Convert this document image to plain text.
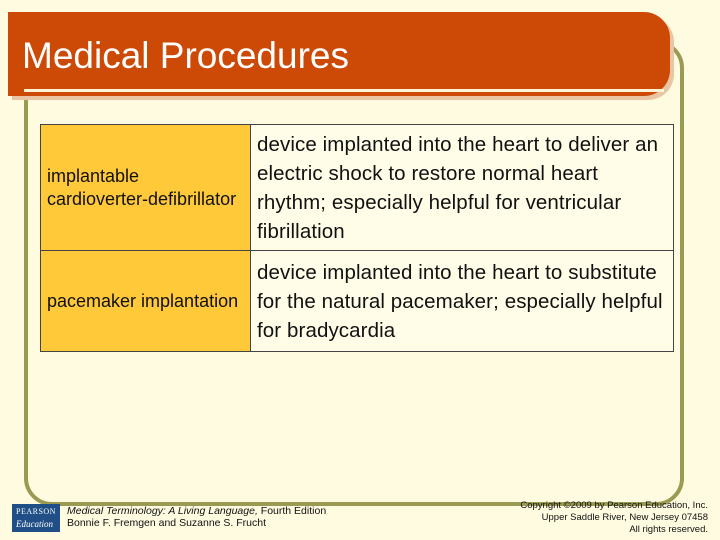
Medical Procedures
implantable cardioverter-defibrillator	device implanted into the heart to deliver an electric shock to restore normal heart rhythm; especially helpful for ventricular fibrillation
pacemaker implantation	device implanted into the heart to substitute for the natural pacemaker; especially helpful for bradycardia
PEARSON
Education
Medical Terminology: A Living Language, Fourth Edition
Bonnie F. Fremgen and Suzanne S. Frucht
Copyright ©2009 by Pearson Education, Inc.
Upper Saddle River, New Jersey 07458
All rights reserved.
